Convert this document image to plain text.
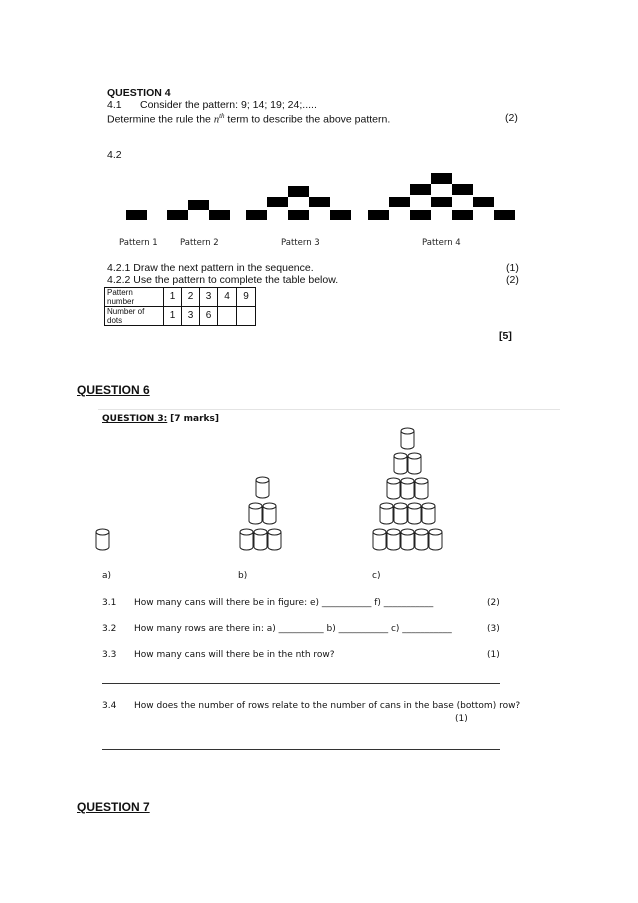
QUESTION 4
4.1 Consider the pattern: 9; 14; 19; 24;.....
Determine the rule the $n^{th}$ term to describe the above pattern.	(2)
4.2
Pattern 1	Pattern 2	Pattern 3	Pattern 4
4.2.1 Draw the next pattern in the sequence.	(1)
4.2.2 Use the pattern to complete the table below.	(2)
Pattern number	1	2	3	4	9
Number of dots	1	3	6		
[5]
QUESTION 6
QUESTION 3: [7 marks]
a)	b)	c)
3.1 How many cans will there be in figure: e) ___________ f) ___________	(2)
3.2 How many rows are there in: a) __________ b) ___________ c) ___________	(3)
3.3 How many cans will there be in the nth row?	(1)
3.4 How does the number of rows relate to the number of cans in the base (bottom) row?
(1)
QUESTION 7
